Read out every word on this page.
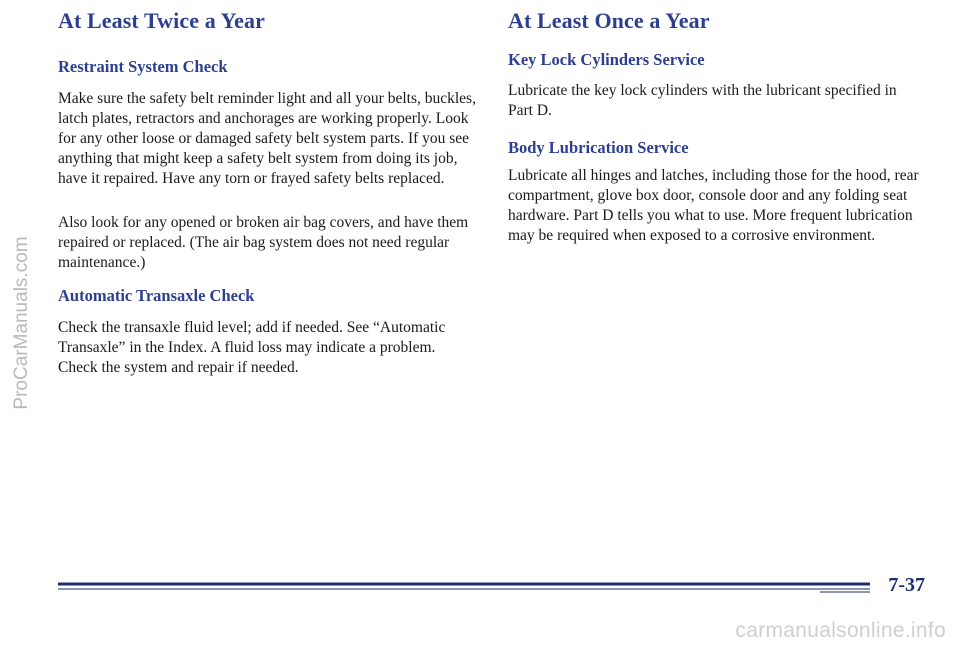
ProCarManuals.com
At Least Twice a Year
Restraint System Check

Make sure the safety belt reminder light and all your belts, buckles, latch plates, retractors and anchorages are working properly. Look for any other loose or damaged safety belt system parts. If you see anything that might keep a safety belt system from doing its job, have it repaired. Have any torn or frayed safety belts replaced.

Also look for any opened or broken air bag covers, and have them repaired or replaced. (The air bag system does not need regular maintenance.)

Automatic Transaxle Check

Check the transaxle fluid level; add if needed. See “Automatic Transaxle” in the Index. A fluid loss may indicate a problem. Check the system and repair if needed.

At Least Once a Year
Key Lock Cylinders Service

Lubricate the key lock cylinders with the lubricant specified in Part D.

Body Lubrication Service

Lubricate all hinges and latches, including those for the hood, rear compartment, glove box door, console door and any folding seat hardware. Part D tells you what to use. More frequent lubrication may be required when exposed to a corrosive environment.

7-37
carmanualsonline.info
